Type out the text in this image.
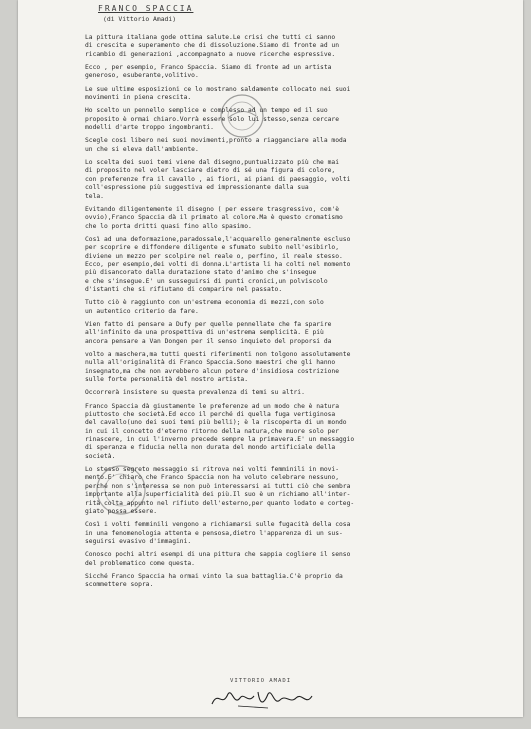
FRANCO SPACCIA
(di Vittorio Amadi)

La pittura italiana gode ottima salute.Le crisi che tutti ci sanno
di crescita e superamento che di dissoluzione.Siamo di fronte ad un
ricambio di generazioni ,accompagnato a nuove ricerche espressive.

Ecco , per esempio, Franco Spaccia. Siamo di fronte ad un artista
generoso, esuberante,volitivo.

Le sue ultime esposizioni ce lo mostrano saldamente collocato nei suoi
movimenti in piena crescita.

Ho scelto un pennello semplice e complesso ad un tempo ed il suo
proposito è ormai chiaro.Vorrà essere solo lui stesso,senza cercare
modelli d'arte troppo ingombranti.

Scegle così libero nei suoi movimenti,pronto a riagganciare alla moda
un che si eleva dall'ambiente.

Lo scelta dei suoi temi viene dal disegno,puntualizzato più che mai
di proposito nel voler lasciare dietro di sé una figura di colore,
con preferenze fra il cavallo , ai fiori, ai piani di paesaggio, volti
coll'espressione più suggestiva ed impressionante dalla sua
tela.

Evitando diligentemente il disegno ( per essere trasgressivo, com'è
ovvio),Franco Spaccia dà il primato al colore.Ma è questo cromatismo
che lo porta dritti quasi fino allo spasimo.

Così ad una deformazione,paradossale,l'acquarello generalmente escluso
per scoprire e diffondere diligente e sfumato subito nell'esibirlo,
diviene un mezzo per scolpire nel reale o, perfino, il reale stesso.
Ecco, per esempio,dei volti di donna.L'artista li ha colti nel momento
più disancorato dalla duratazione stato d'animo che s'insegue
e che s'insegue.E' un susseguirsi di punti cronici,un polviscolo
d'istanti che si rifiutano di comparire nel passato.

Tutto ciò è raggiunto con un'estrema economia di mezzi,con solo
un autentico criterio da fare.

Vien fatto di pensare a Dufy per quelle pennellate che fa sparire
all'infinito da una prospettiva di un'estrema semplicità. E più
ancora pensare a Van Dongen per il senso inquieto del proporsi da

volto a maschera,ma tutti questi riferimenti non tolgono assolutamente
nulla all'originalità di Franco Spaccia.Sono maestri che gli hanno
insegnato,ma che non avrebbero alcun potere d'insidiosa costrizione
sulle forte personalità del nostro artista.

Occorrerà insistere su questa prevalenza di temi su altri.

Franco Spaccia dà giustamente le preferenze ad un modo che è natura
piuttosto che società.Ed ecco il perché di quella fuga vertiginosa
del cavallo(uno dei suoi temi più belli); è la riscoperta di un mondo
in cui il concetto d'eterno ritorno della natura,che muore solo per
rinascere, in cui l'inverno precede sempre la primavera.E' un messaggio
di speranza e fiducia nella non durata del mondo artificiale della
società.

Lo stesso segreto messaggio si ritrova nei volti femminili in movi-
mento.E' chiaro che Franco Spaccia non ha voluto celebrare nessuno,
perché non s'interessa se non può interessarsi ai tutti ciò che sembra
importante alla superficialità dei più.Il suo è un richiamo all'inter-
rità colta appunto nel rifiuto dell'esterno,per quanto lodato e corteg-
giato possa essere.

Così i volti femminili vengono a richiamarsi sulle fugacità della cosa
in una fenomenologia attenta e pensosa,dietro l'apparenza di un sus-
seguirsi evasivo d'immagini.

Conosco pochi altri esempi di una pittura che sappia cogliere il senso
del problematico come questa.

Sicché Franco Spaccia ha ormai vinto la sua battaglia.C'è proprio da
scommettere sopra.

VITTORIO AMADI
